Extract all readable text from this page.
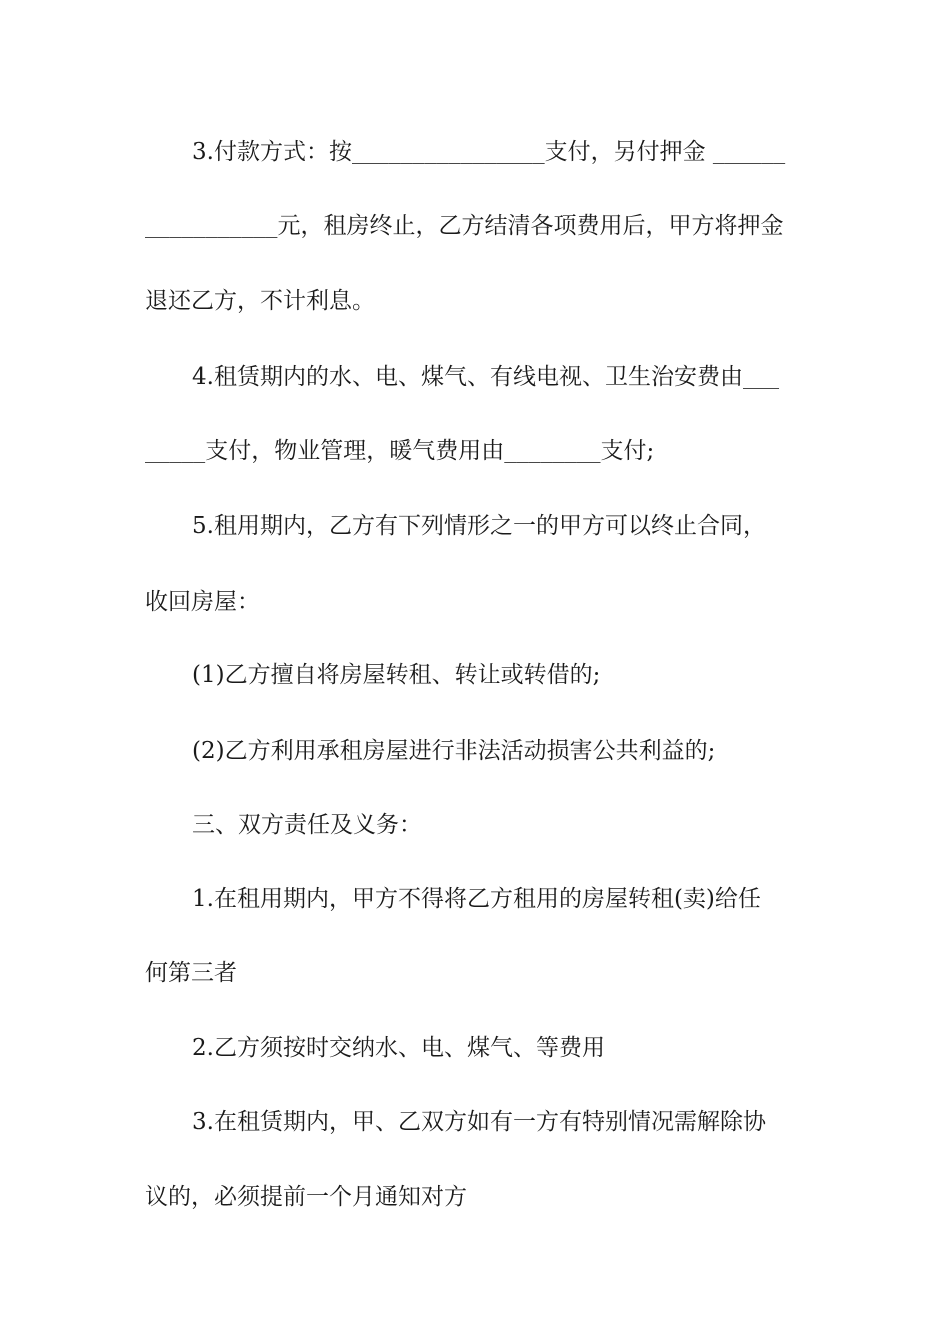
3.付款方式：按________________支付，另付押金 ______
___________元，租房终止，乙方结清各项费用后，甲方将押金
退还乙方，不计利息。
4.租赁期内的水、电、煤气、有线电视、卫生治安费由___
_____支付，物业管理，暖气费用由________支付;
5.租用期内，乙方有下列情形之一的甲方可以终止合同，
收回房屋：
(1)乙方擅自将房屋转租、转让或转借的;
(2)乙方利用承租房屋进行非法活动损害公共利益的;
三、双方责任及义务：
1.在租用期内，甲方不得将乙方租用的房屋转租(卖)给任
何第三者
2.乙方须按时交纳水、电、煤气、等费用
3.在租赁期内，甲、乙双方如有一方有特别情况需解除协
议的，必须提前一个月通知对方
